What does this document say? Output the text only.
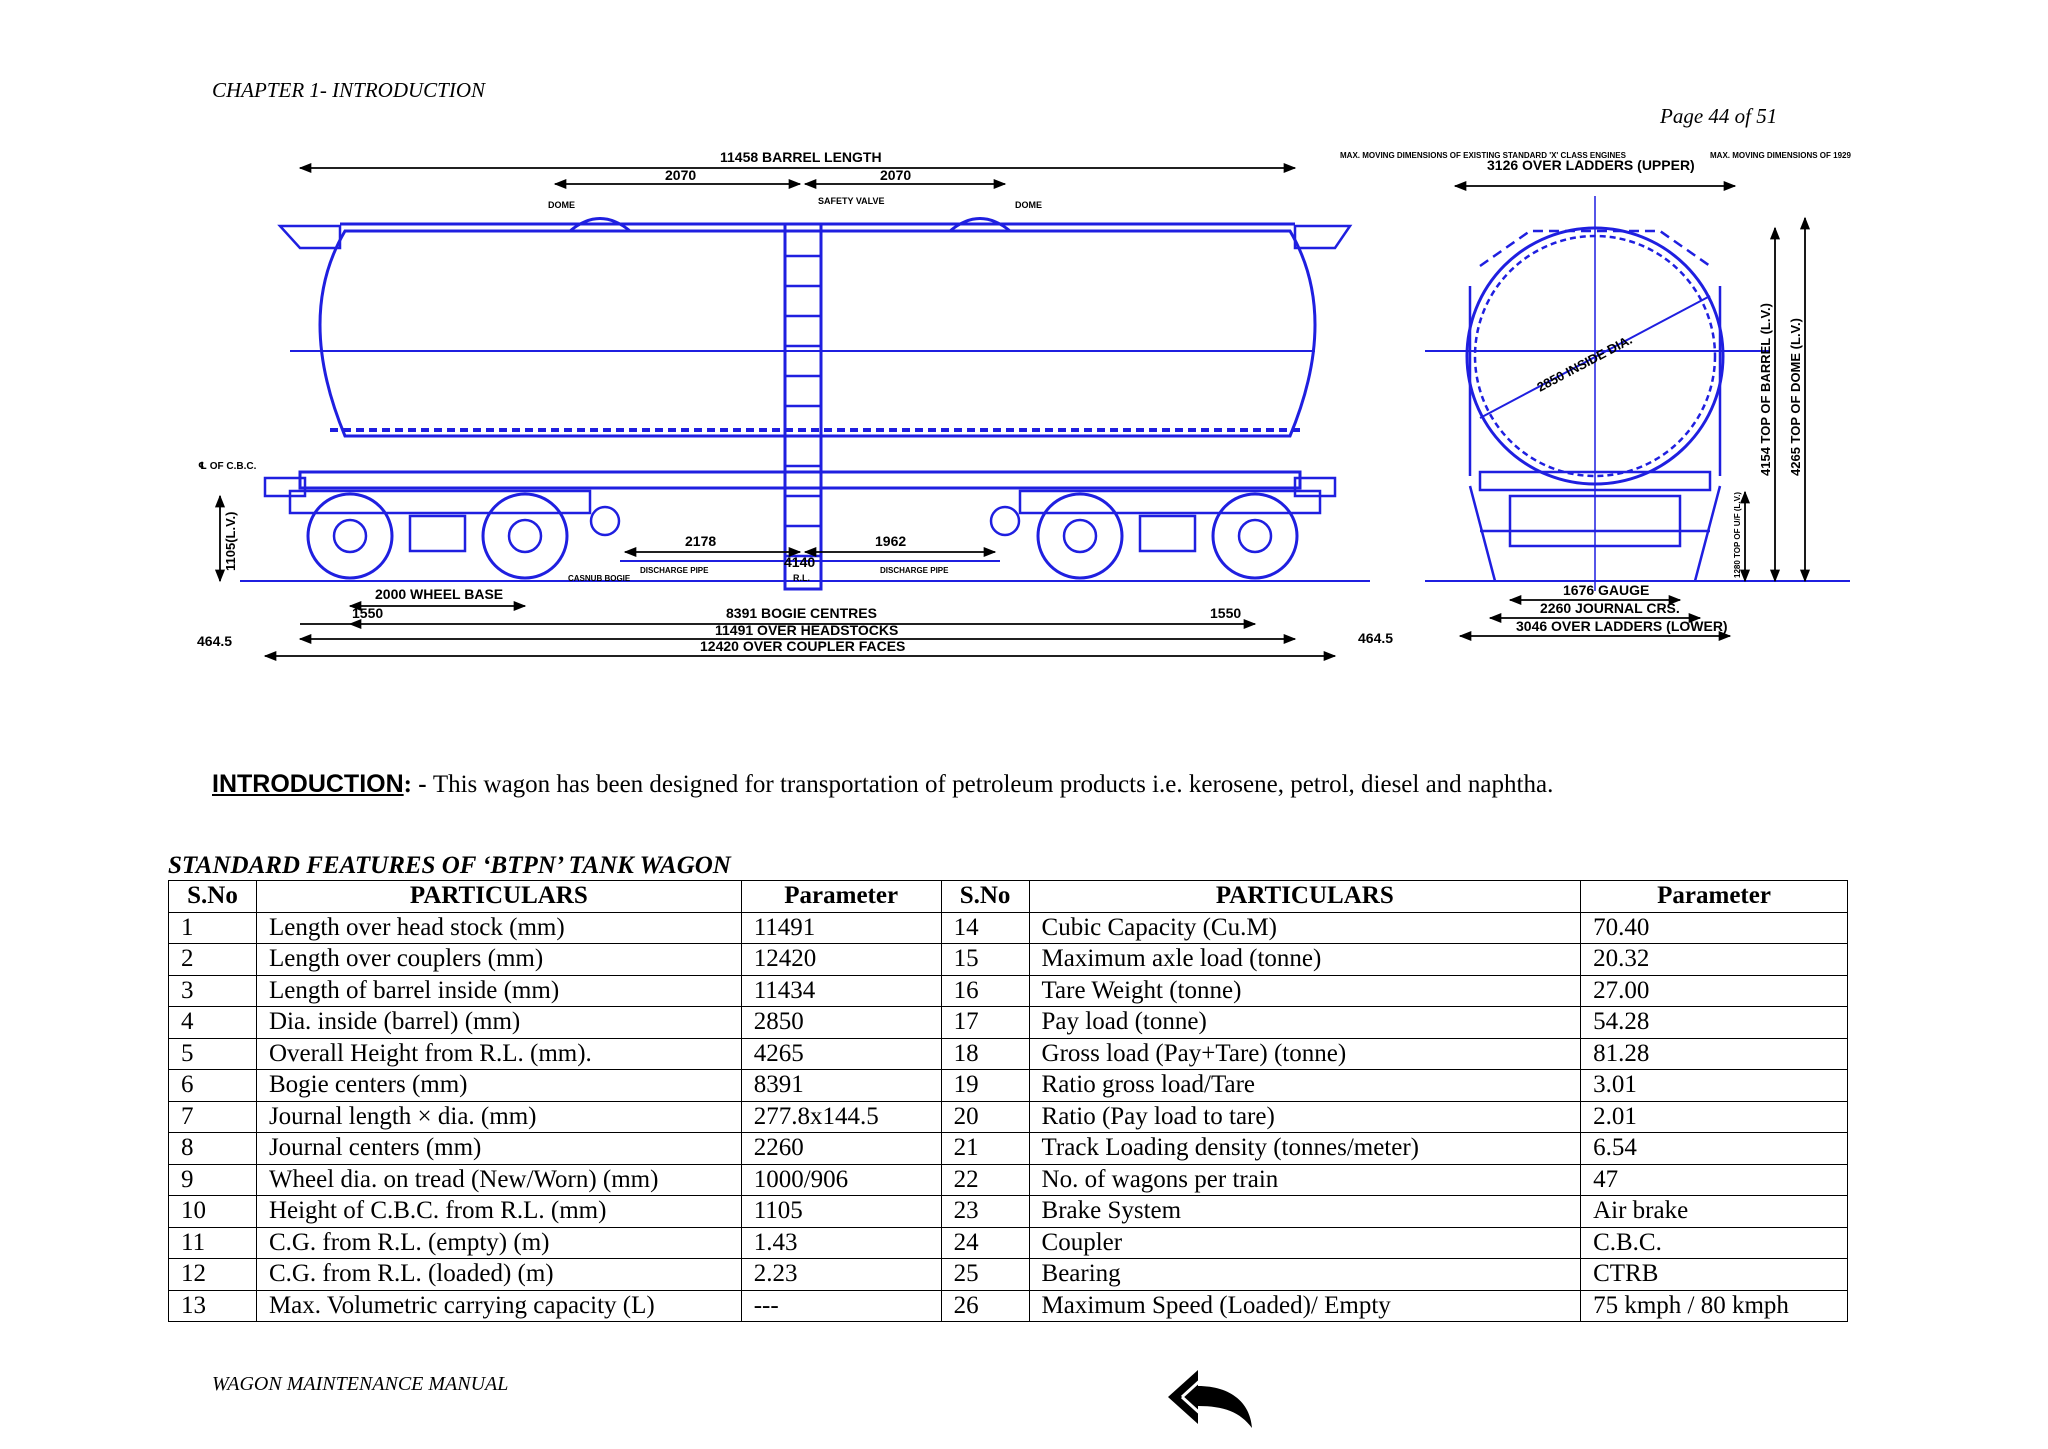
CHAPTER 1- INTRODUCTION
Page 44 of 51
11458 BARREL LENGTH
2070	2070
DOME	SAFETY VALVE	DOME
℄ OF C.B.C.
1105(L.V.)	2178	1962
4140
R.L.
DISCHARGE PIPE	DISCHARGE PIPE
CASNUB BOGIE
2000 WHEEL BASE
1550	8391 BOGIE CENTRES	1550
11491 OVER HEADSTOCKS
12420 OVER COUPLER FACES
464.5	464.5
MAX. MOVING DIMENSIONS OF EXISTING STANDARD 'X' CLASS ENGINES
3126 OVER LADDERS (UPPER)
MAX. MOVING DIMENSIONS OF 1929
2850 INSIDE DIA.	4154 TOP OF BARREL (L.V.) 4265 TOP OF DOME (L.V.)
1280 TOP OF U/F (L.V.)
1676 GAUGE
2260 JOURNAL CRS.
3046 OVER LADDERS (LOWER)
INTRODUCTION: - This wagon has been designed for transportation of petroleum products i.e. kerosene, petrol, diesel and naphtha.
STANDARD FEATURES OF ‘BTPN’ TANK WAGON
S.No	PARTICULARS	Parameter	S.No	PARTICULARS	Parameter
1	Length over head stock (mm)	11491	14	Cubic Capacity (Cu.M)	70.40
2	Length over couplers (mm)	12420	15	Maximum axle load (tonne)	20.32
3	Length of barrel inside (mm)	11434	16	Tare Weight (tonne)	27.00
4	Dia. inside (barrel) (mm)	2850	17	Pay load (tonne)	54.28
5	Overall Height from R.L. (mm).	4265	18	Gross load (Pay+Tare) (tonne)	81.28
6	Bogie centers (mm)	8391	19	Ratio gross load/Tare	3.01
7	Journal length × dia. (mm)	277.8x144.5	20	Ratio (Pay load to tare)	2.01
8	Journal centers (mm)	2260	21	Track Loading density (tonnes/meter)	6.54
9	Wheel dia. on tread (New/Worn) (mm)	1000/906	22	No. of wagons per train	47
10	Height of C.B.C. from R.L. (mm)	1105	23	Brake System	Air brake
11	C.G. from R.L. (empty) (m)	1.43	24	Coupler	C.B.C.
12	C.G. from R.L. (loaded) (m)	2.23	25	Bearing	CTRB
13	Max. Volumetric carrying capacity (L)	---	26	Maximum Speed (Loaded)/ Empty	75 kmph / 80 kmph
WAGON MAINTENANCE MANUAL
